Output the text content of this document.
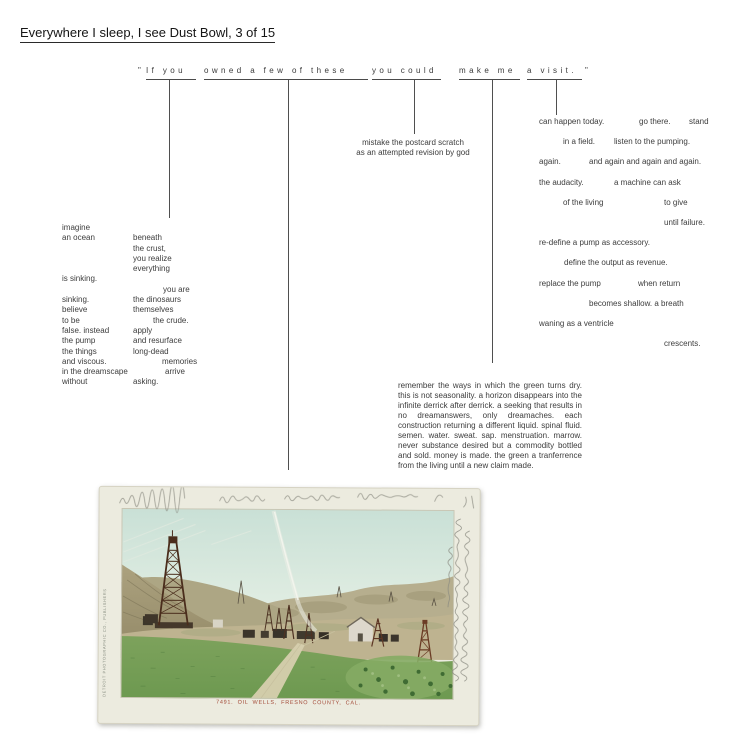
Everywhere I sleep, I see Dust Bowl, 3 of 15
" If you	owned a few of these	you could	make me	a visit.	"
mistake the postcard scratch
as an attempted revision by god
imagine
an ocean	beneath
the crust,
you realize
everything
is sinking.
you are
sinking.	the dinosaurs
believe	themselves
to be	the crude.
false. instead	apply
the pump	and resurface
the things	long-dead
and viscous.	memories
in the dreamscape	arrive
without	asking.
can happen today.	go there. stand
in a field. listen to the pumping.
again.	and again and again and again.
the audacity.	a machine can ask
of the living	to give
until failure.
re-define a pump as accessory.
define the output as revenue.
replace the pump	when return
becomes shallow. a breath
waning as a ventricle
crescents.
remember the ways in which the green turns dry. this is not seasonality. a horizon disappears into the infinite derrick after derrick. a seeking that results in no dreamanswers, only dreamaches. each construction returning a different liquid. spinal fluid. semen. water. sweat. sap. menstruation. marrow. never substance desired but a commodity bottled and sold. money is made. the green a tranferrence from the living until a new claim made.
DETROIT PHOTOGRAPHIC CO., PUBLISHERS
7491. OIL WELLS, FRESNO COUNTY, CAL.
